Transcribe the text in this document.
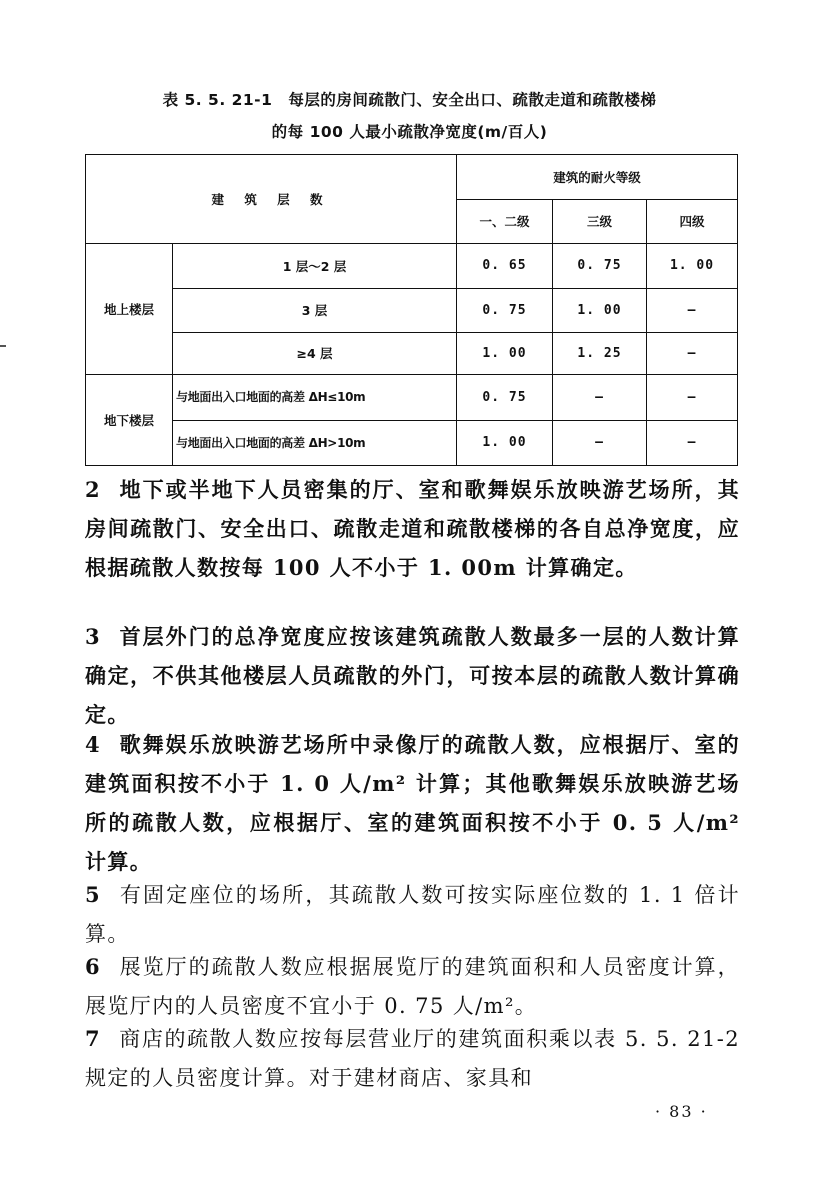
表 5. 5. 21-1 每层的房间疏散门、安全出口、疏散走道和疏散楼梯
的每 100 人最小疏散净宽度(m/百人)
建 筑 层 数		建筑的耐火等级		
		一、二级	三级	四级
地上楼层	1 层～2 层	0. 65	0. 75	1. 00
	3 层	0. 75	1. 00	—
	≥4 层	1. 00	1. 25	—
地下楼层	与地面出入口地面的高差 ΔH≤10m	0. 75	—	—
	与地面出入口地面的高差 ΔH>10m	1. 00	—	—

2 地下或半地下人员密集的厅、室和歌舞娱乐放映游艺场所，其房间疏散门、安全出口、疏散走道和疏散楼梯的各自总净宽度，应根据疏散人数按每 100 人不小于 1. 00m 计算确定。

3 首层外门的总净宽度应按该建筑疏散人数最多一层的人数计算确定，不供其他楼层人员疏散的外门，可按本层的疏散人数计算确定。

4 歌舞娱乐放映游艺场所中录像厅的疏散人数，应根据厅、室的建筑面积按不小于 1. 0 人/m² 计算；其他歌舞娱乐放映游艺场所的疏散人数，应根据厅、室的建筑面积按不小于 0. 5 人/m² 计算。

5 有固定座位的场所，其疏散人数可按实际座位数的 1. 1 倍计算。

6 展览厅的疏散人数应根据展览厅的建筑面积和人员密度计算，展览厅内的人员密度不宜小于 0. 75 人/m²。

7 商店的疏散人数应按每层营业厅的建筑面积乘以表 5. 5. 21-2 规定的人员密度计算。对于建材商店、家具和

· 83 ·
